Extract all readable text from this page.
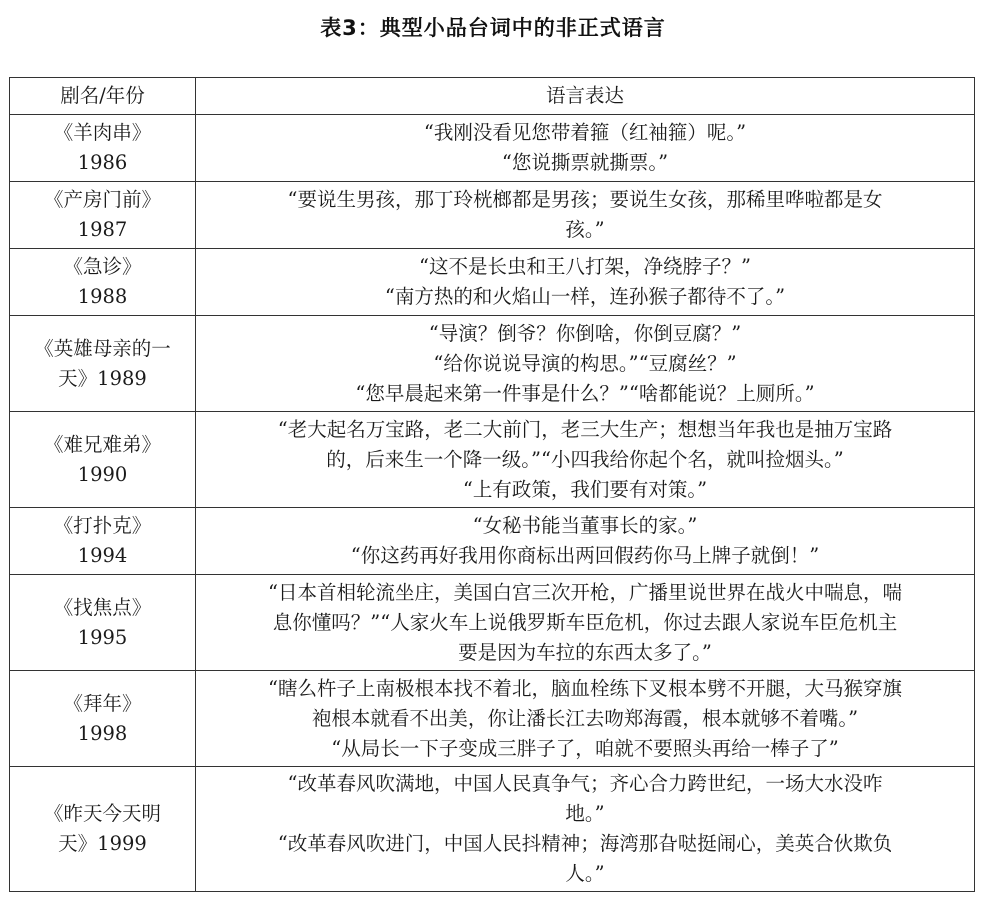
表3：典型小品台词中的非正式语言
剧名/年份	语言表达

《羊肉串》
1986	“我刚没看见您带着箍（红袖箍）呢。”
“您说撕票就撕票。”

《产房门前》
1987	“要说生男孩，那丁玲桄榔都是男孩；要说生女孩，那稀里哗啦都是女
孩。”

《急诊》
1988	“这不是长虫和王八打架，净绕脖子？”
“南方热的和火焰山一样，连孙猴子都待不了。”

《英雄母亲的一
天》1989	“导演？倒爷？你倒啥，你倒豆腐？”
“给你说说导演的构思。”“豆腐丝？”
“您早晨起来第一件事是什么？”“啥都能说？上厕所。”

《难兄难弟》
1990	“老大起名万宝路，老二大前门，老三大生产；想想当年我也是抽万宝路
的，后来生一个降一级。”“小四我给你起个名，就叫捡烟头。”
“上有政策，我们要有对策。”

《打扑克》
1994	“女秘书能当董事长的家。”
“你这药再好我用你商标出两回假药你马上牌子就倒！”

《找焦点》
1995	“日本首相轮流坐庄，美国白宫三次开枪，广播里说世界在战火中喘息，喘
息你懂吗？”“人家火车上说俄罗斯车臣危机，你过去跟人家说车臣危机主
要是因为车拉的东西太多了。”

《拜年》
1998	“瞎么杵子上南极根本找不着北，脑血栓练下叉根本劈不开腿，大马猴穿旗
袍根本就看不出美，你让潘长江去吻郑海霞，根本就够不着嘴。”
“从局长一下子变成三胖子了，咱就不要照头再给一棒子了”

《昨天今天明
天》1999	“改革春风吹满地，中国人民真争气；齐心合力跨世纪，一场大水没咋
地。”
“改革春风吹进门，中国人民抖精神；海湾那旮哒挺闹心，美英合伙欺负
人。”
